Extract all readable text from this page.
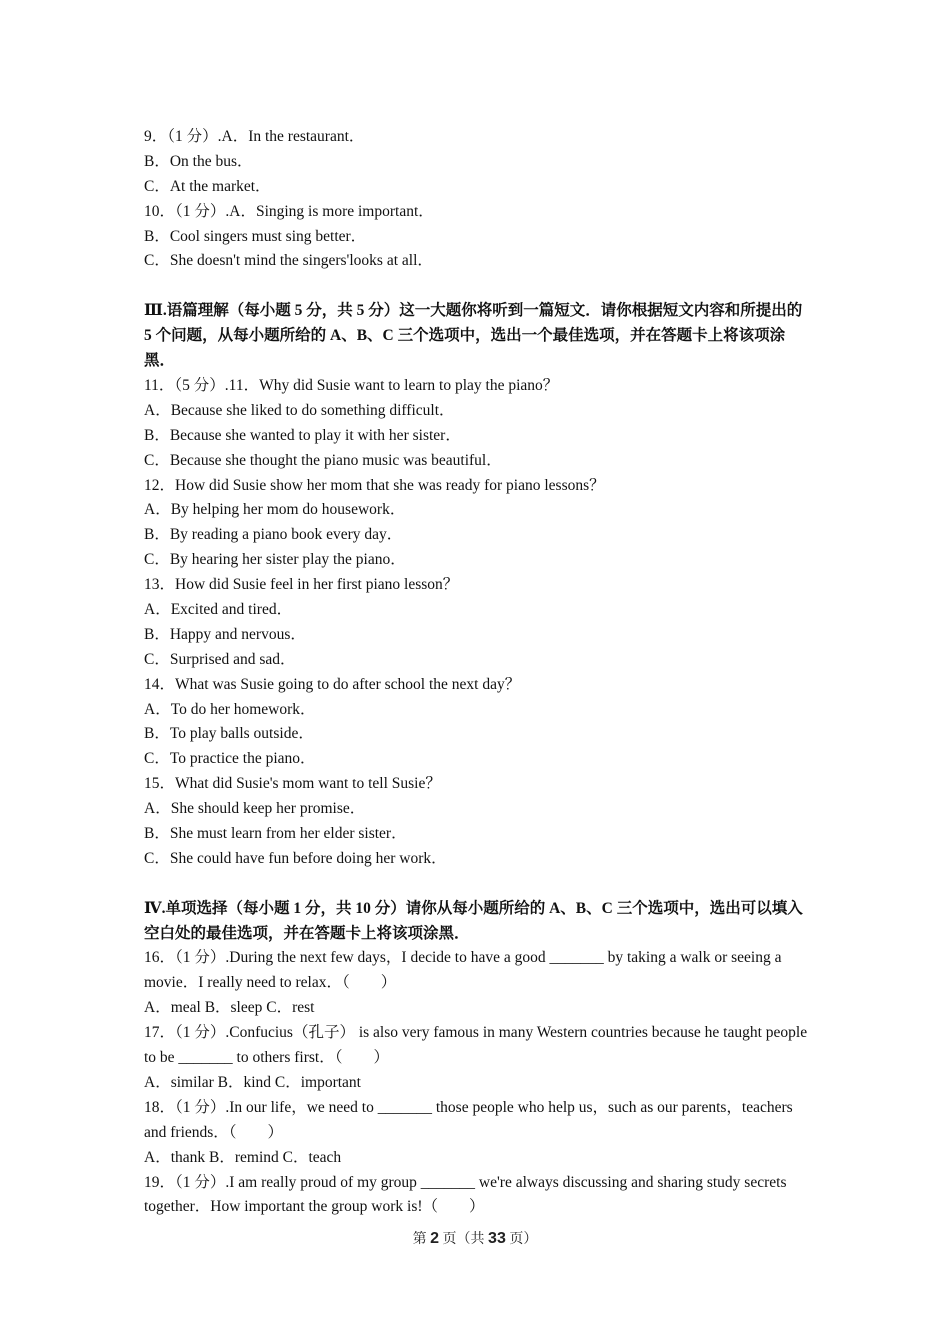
9．（1 分）.A．In the restaurant．
B．On the bus．
C．At the market．
10．（1 分）.A．Singing is more important．
B．Cool singers must sing better．
C．She doesn't mind the singers'looks at all．
Ⅲ.语篇理解（每小题 5 分，共 5 分）这一大题你将听到一篇短文．请你根据短文内容和所提出的 5 个问题，从每小题所给的 A、B、C 三个选项中，选出一个最佳选项，并在答题卡上将该项涂黑．
11．（5 分）.11．Why did Susie want to learn to play the piano？
A．Because she liked to do something difficult．
B．Because she wanted to play it with her sister．
C．Because she thought the piano music was beautiful．
12．How did Susie show her mom that she was ready for piano lessons？
A．By helping her mom do housework．
B．By reading a piano book every day．
C．By hearing her sister play the piano．
13．How did Susie feel in her first piano lesson？
A．Excited and tired．
B．Happy and nervous．
C．Surprised and sad．
14．What was Susie going to do after school the next day？
A．To do her homework．
B．To play balls outside．
C．To practice the piano．
15．What did Susie's mom want to tell Susie？
A．She should keep her promise．
B．She must learn from her elder sister．
C．She could have fun before doing her work．
Ⅳ.单项选择（每小题 1 分，共 10 分）请你从每小题所给的 A、B、C 三个选项中，选出可以填入空白处的最佳选项，并在答题卡上将该项涂黑．
16．（1 分）.During the next few days，I decide to have a good _______ by taking a walk or seeing a movie．I really need to relax．（　　）
A．meal B．sleep C．rest
17．（1 分）.Confucius（孔子） is also very famous in many Western countries because he taught people to be _______ to others first．（　　）
A．similar B．kind C．important
18．（1 分）.In our life，we need to _______ those people who help us，such as our parents，teachers and friends．（　　）
A．thank B．remind C．teach
19．（1 分）.I am really proud of my group _______ we're always discussing and sharing study secrets together．How important the group work is!（　　）
第 2 页（共 33 页）
